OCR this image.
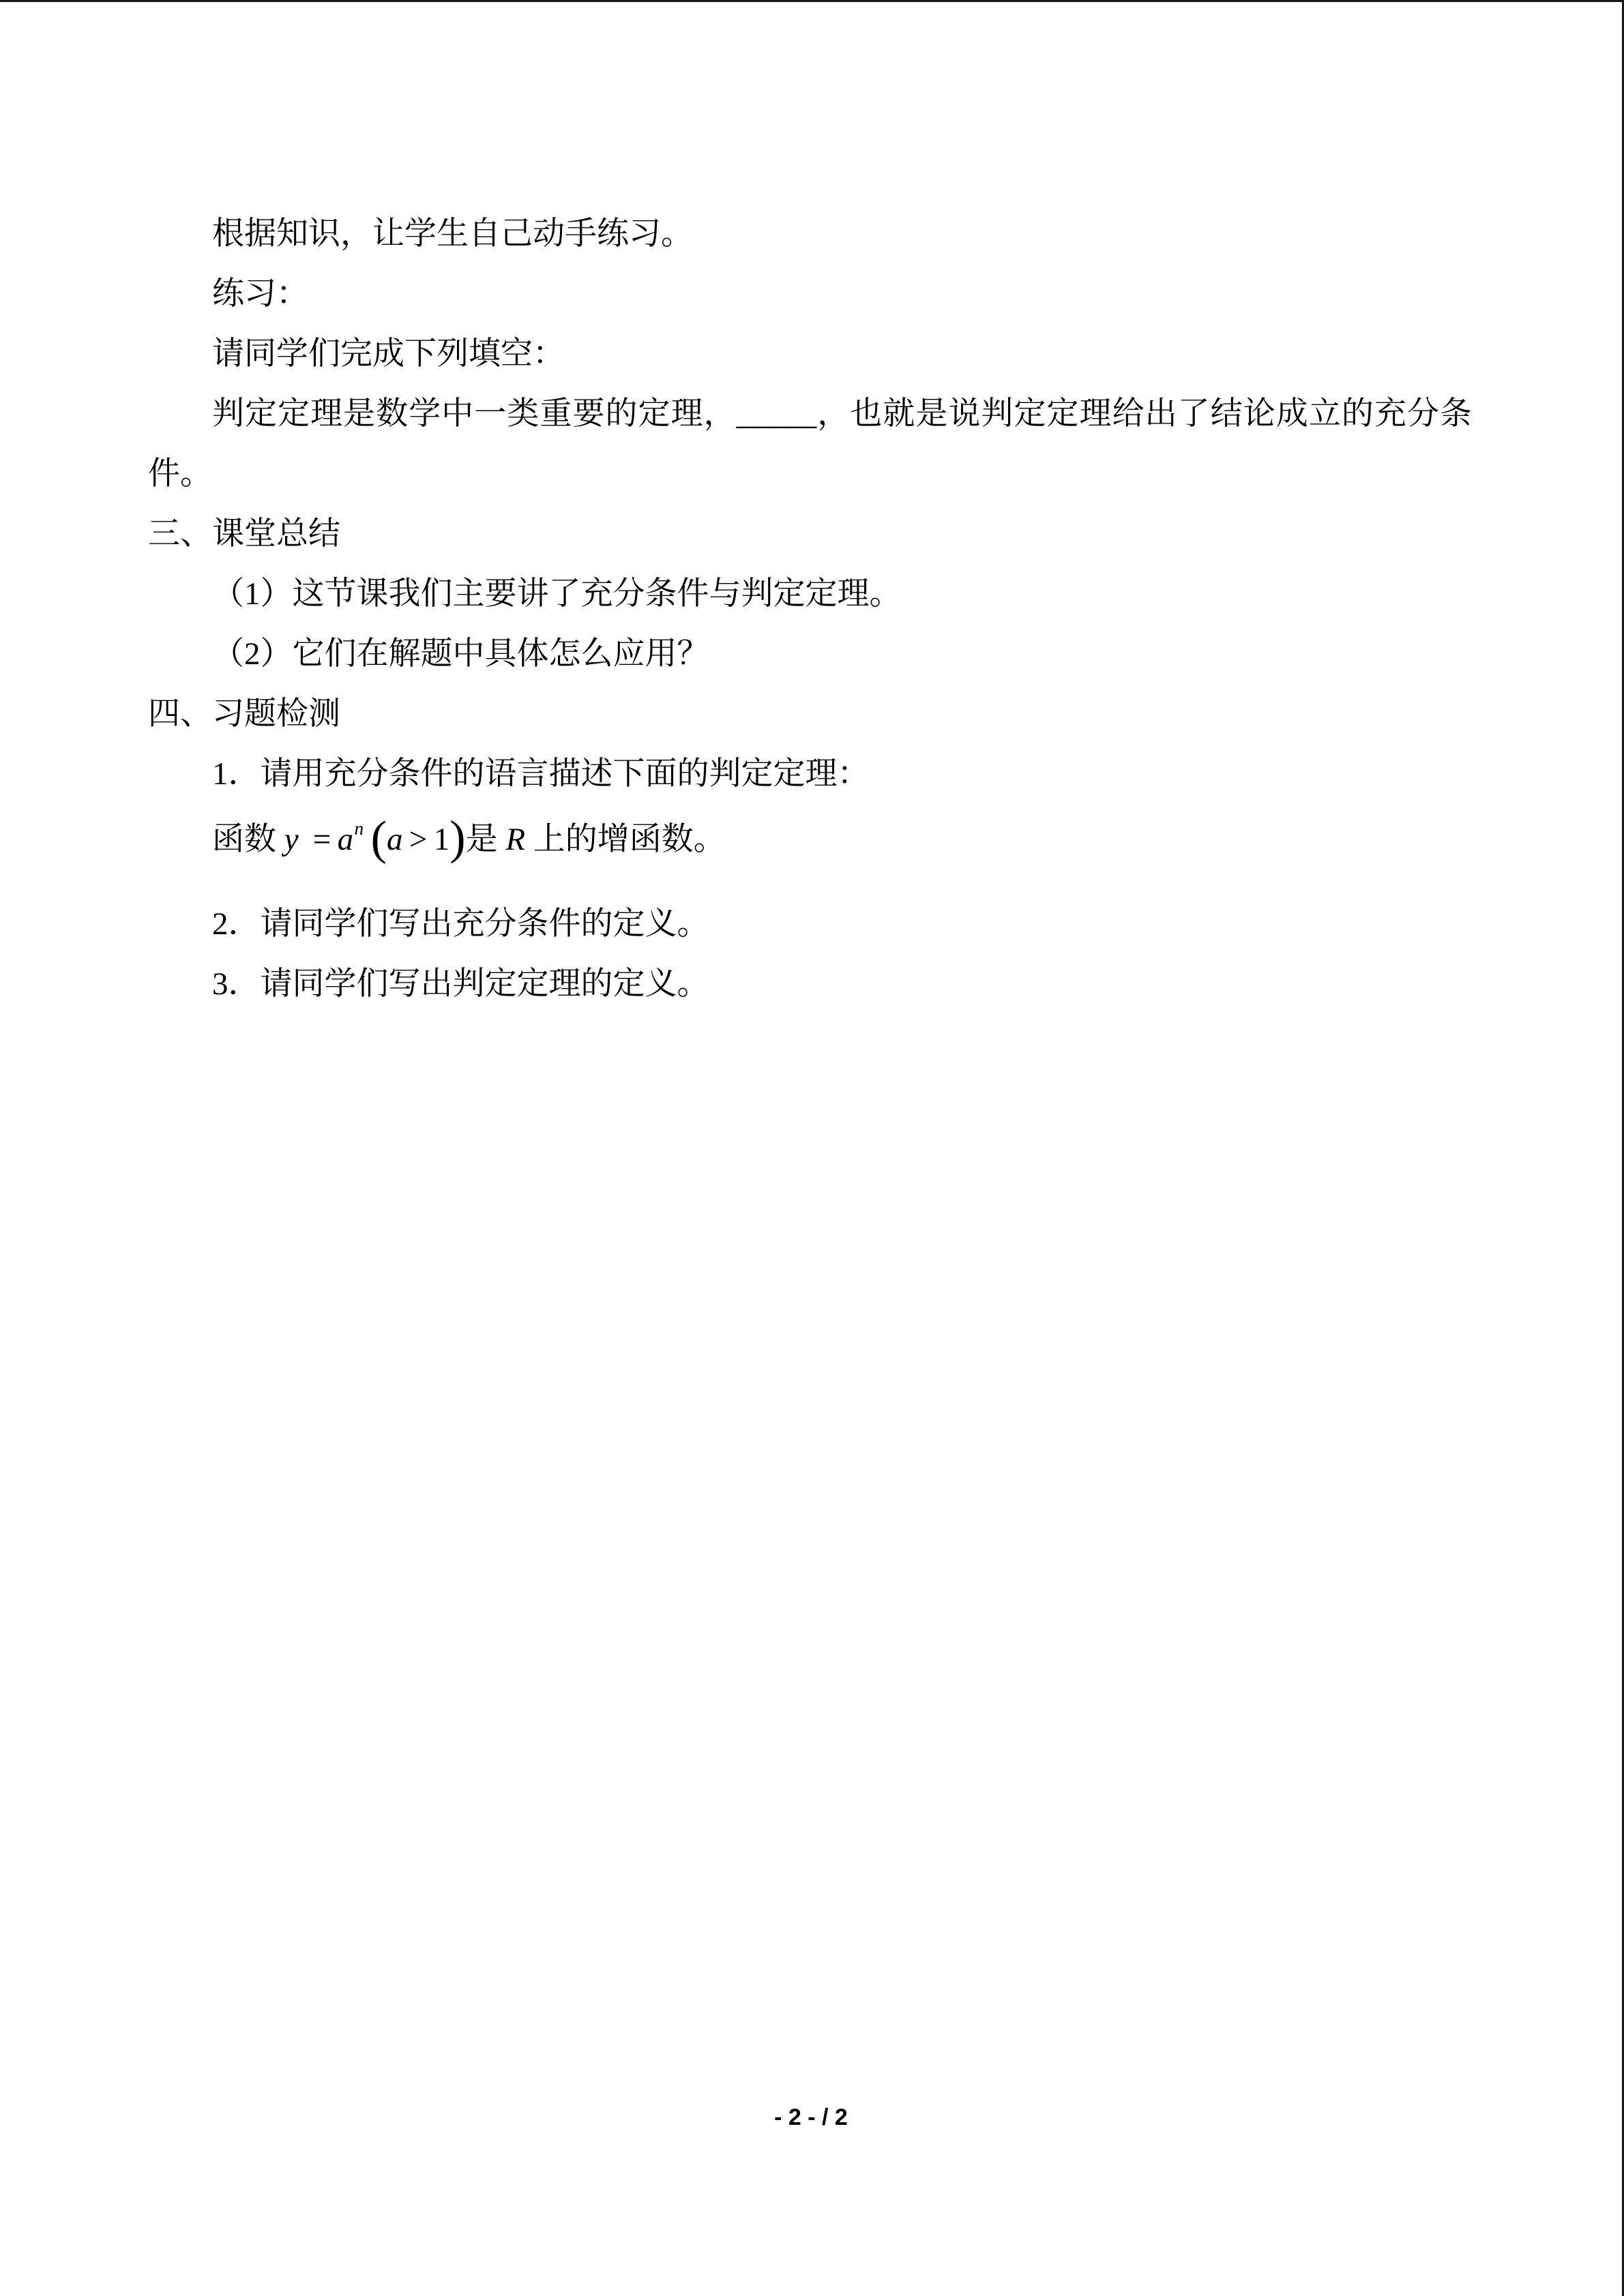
根据知识，让学生自己动手练习。

练习：

请同学们完成下列填空：

判定定理是数学中一类重要的定理，_____，也就是说判定定理给出了结论成立的充分条件。

三、课堂总结

（1）这节课我们主要讲了充分条件与判定定理。

（2）它们在解题中具体怎么应用？

四、习题检测

1．请用充分条件的语言描述下面的判定定理：

函数 $y = a^n$ (a > 1)是 R 上的增函数。

2．请同学们写出充分条件的定义。

3．请同学们写出判定定理的定义。

- 2 - / 2
